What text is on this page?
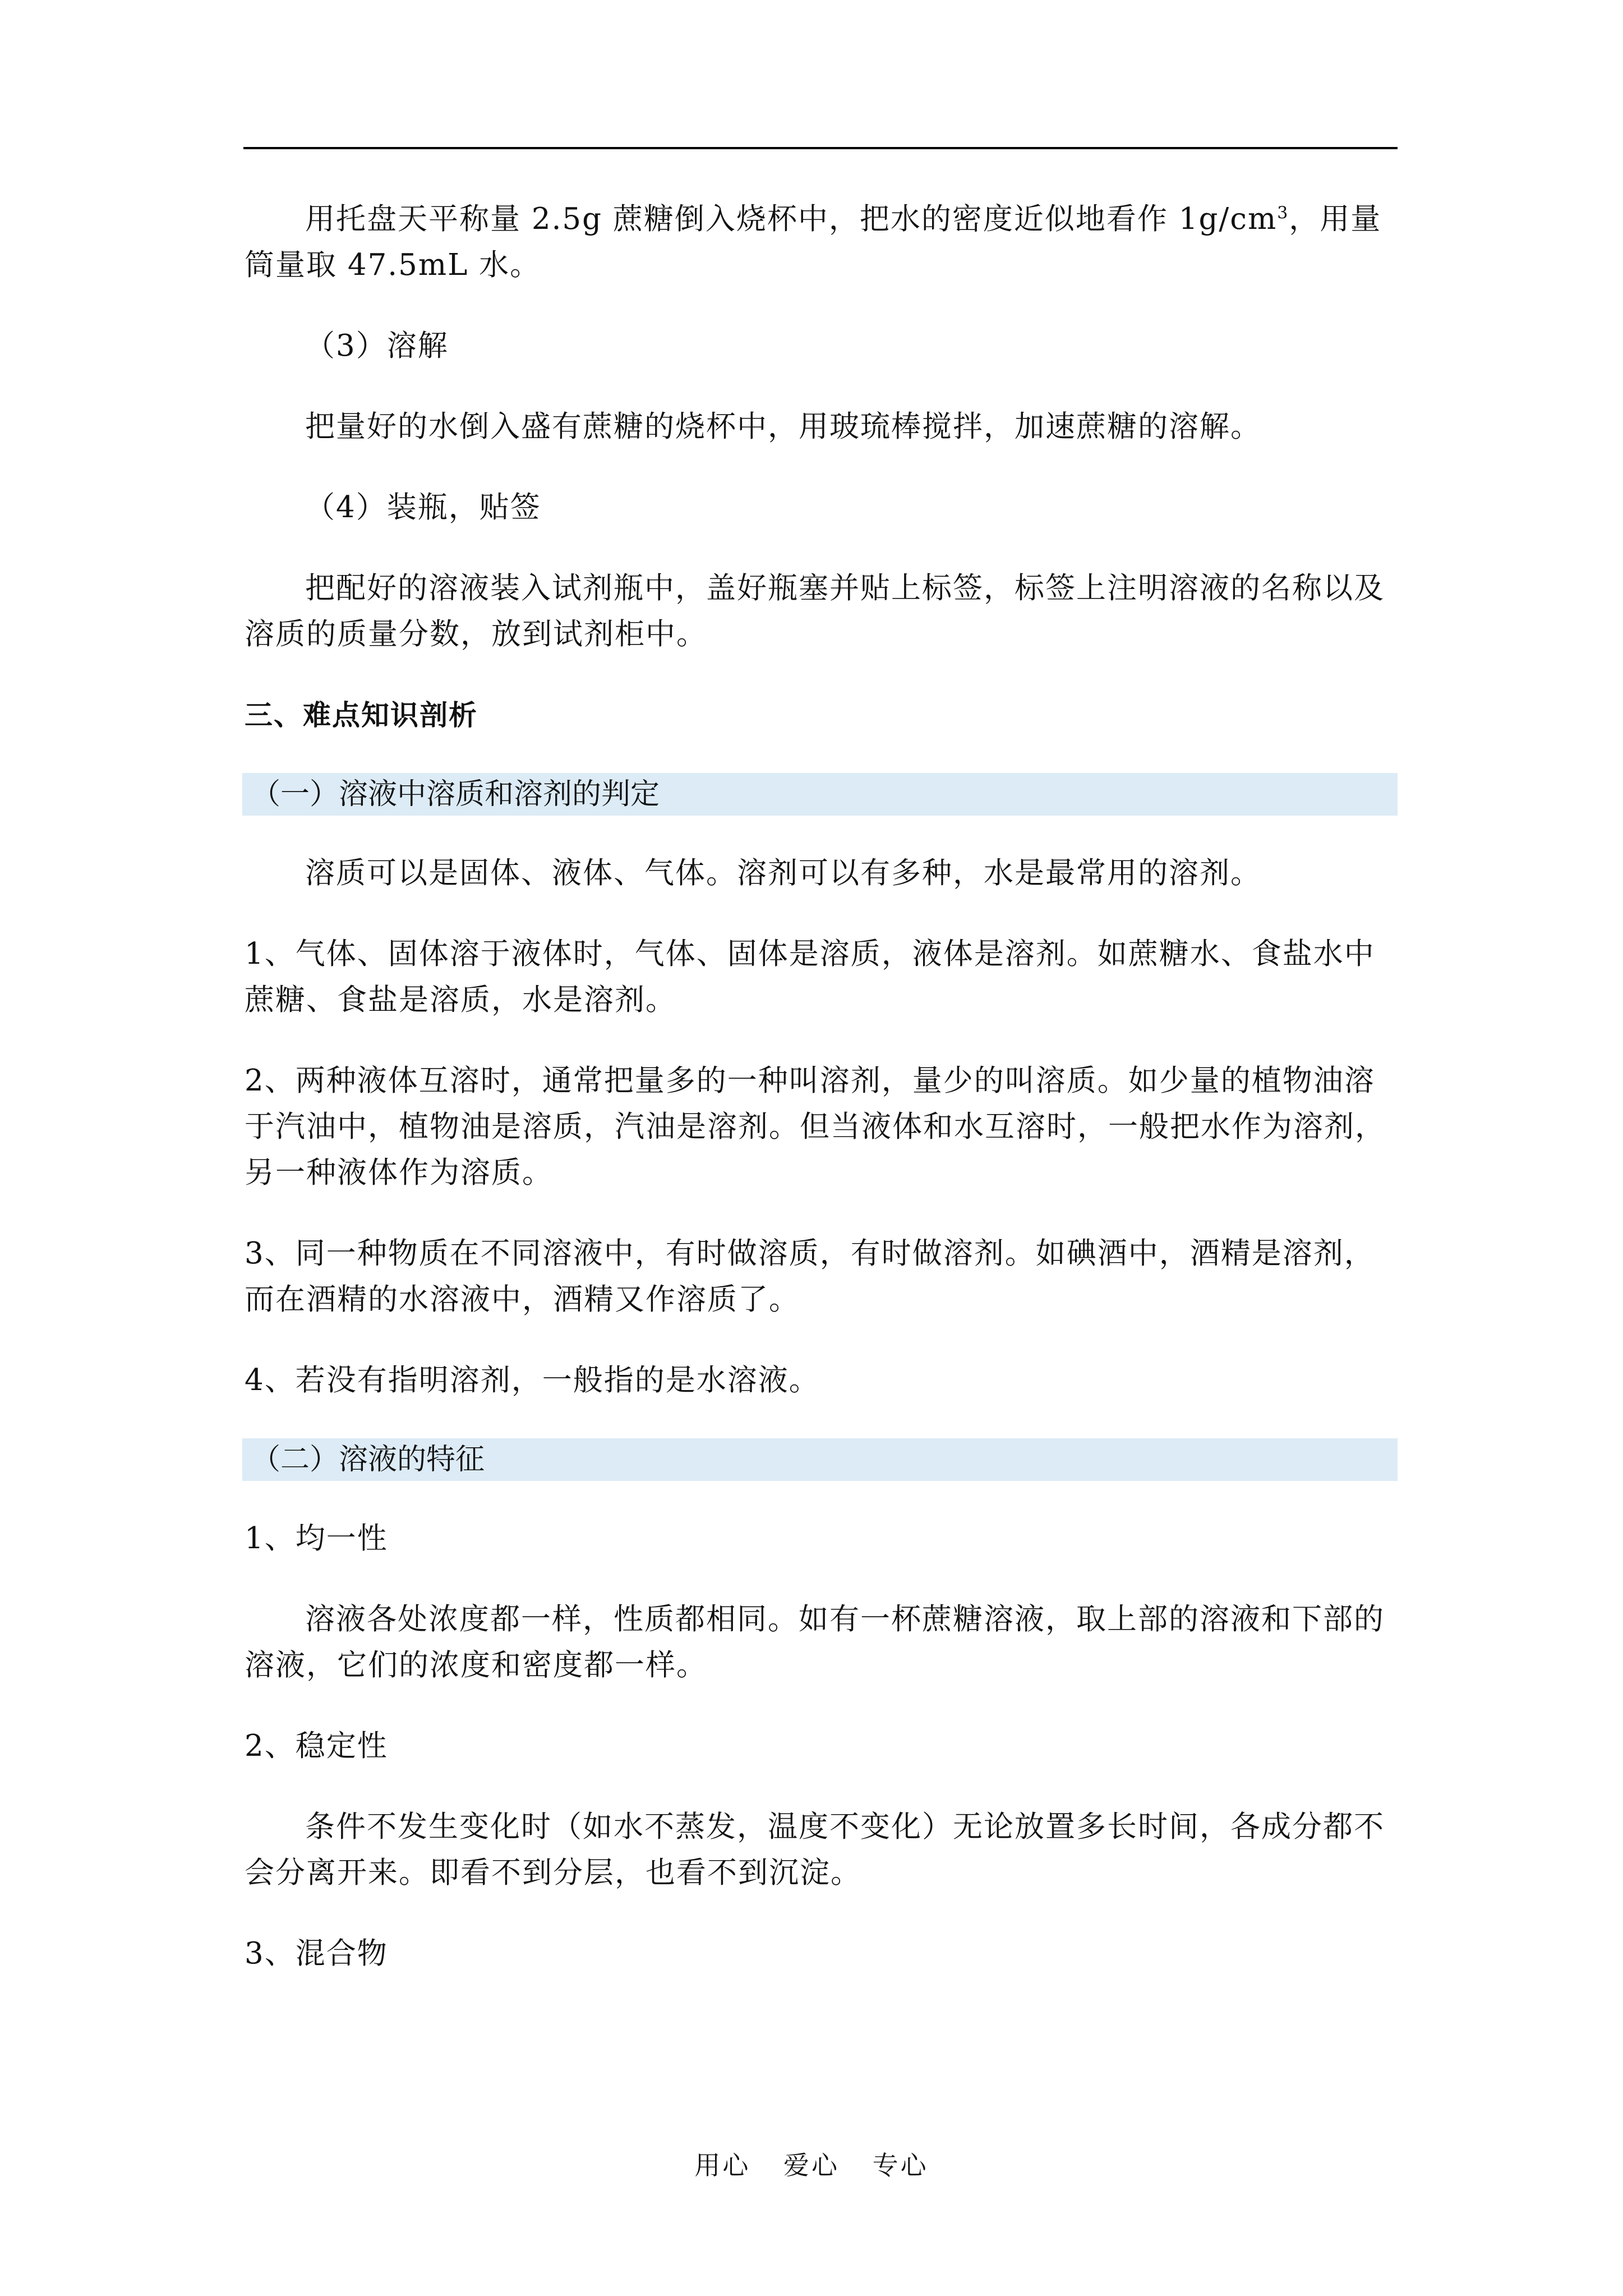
用托盘天平称量 2.5g 蔗糖倒入烧杯中，把水的密度近似地看作 $1g/cm^3$，用量筒量取 47.5mL 水。

（3）溶解

把量好的水倒入盛有蔗糖的烧杯中，用玻琉棒搅拌，加速蔗糖的溶解。

（4）装瓶，贴签

把配好的溶液装入试剂瓶中，盖好瓶塞并贴上标签，标签上注明溶液的名称以及溶质的质量分数，放到试剂柜中。

三、难点知识剖析

（一）溶液中溶质和溶剂的判定

溶质可以是固体、液体、气体。溶剂可以有多种，水是最常用的溶剂。

1、气体、固体溶于液体时，气体、固体是溶质，液体是溶剂。如蔗糖水、食盐水中蔗糖、食盐是溶质，水是溶剂。

2、两种液体互溶时，通常把量多的一种叫溶剂，量少的叫溶质。如少量的植物油溶于汽油中，植物油是溶质，汽油是溶剂。但当液体和水互溶时，一般把水作为溶剂，另一种液体作为溶质。

3、同一种物质在不同溶液中，有时做溶质，有时做溶剂。如碘酒中，酒精是溶剂，而在酒精的水溶液中，酒精又作溶质了。

4、若没有指明溶剂，一般指的是水溶液。

（二）溶液的特征

1、均一性

溶液各处浓度都一样，性质都相同。如有一杯蔗糖溶液，取上部的溶液和下部的溶液，它们的浓度和密度都一样。

2、稳定性

条件不发生变化时（如水不蒸发，温度不变化）无论放置多长时间，各成分都不会分离开来。即看不到分层，也看不到沉淀。

3、混合物

用心 爱心 专心
